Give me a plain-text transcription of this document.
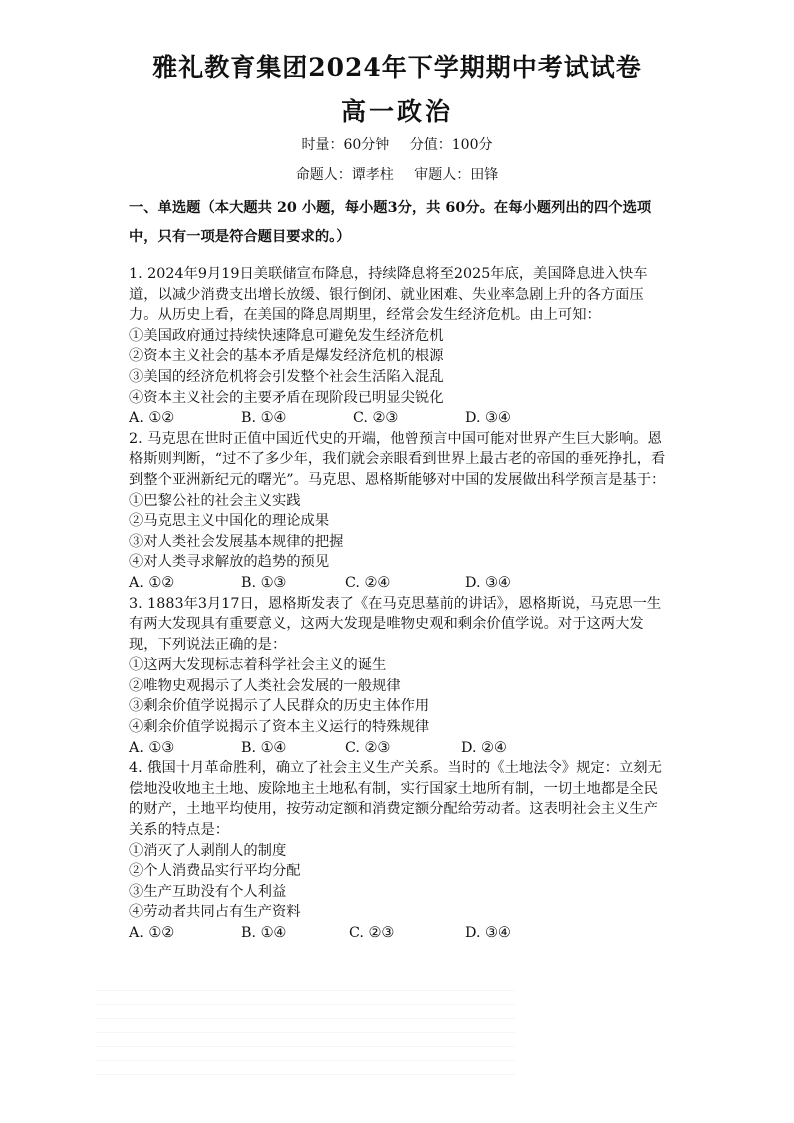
雅礼教育集团2024年下学期期中考试试卷
高一政治
时量：60分钟 分值：100分
命题人：谭孝柱 审题人：田锋
一、单选题（本大题共 20 小题，每小题3分，共 60分。在每小题列出的四个选项中，只有一项是符合题目要求的。）

1. 2024年9月19日美联储宣布降息，持续降息将至2025年底，美国降息进入快车道，以减少消费支出增长放缓、银行倒闭、就业困难、失业率急剧上升的各方面压力。从历史上看，在美国的降息周期里，经常会发生经济危机。由上可知：

①美国政府通过持续快速降息可避免发生经济危机

②资本主义社会的基本矛盾是爆发经济危机的根源

③美国的经济危机将会引发整个社会生活陷入混乱

④资本主义社会的主要矛盾在现阶段已明显尖锐化

A. ①②	B. ①④	C. ②③	D. ③④

2. 马克思在世时正值中国近代史的开端，他曾预言中国可能对世界产生巨大影响。恩格斯则判断，“过不了多少年，我们就会亲眼看到世界上最古老的帝国的垂死挣扎，看到整个亚洲新纪元的曙光”。马克思、恩格斯能够对中国的发展做出科学预言是基于：

①巴黎公社的社会主义实践

②马克思主义中国化的理论成果

③对人类社会发展基本规律的把握

④对人类寻求解放的趋势的预见

A. ①②	B. ①③	C. ②④	D. ③④

3. 1883年3月17日，恩格斯发表了《在马克思墓前的讲话》，恩格斯说，马克思一生有两大发现具有重要意义，这两大发现是唯物史观和剩余价值学说。对于这两大发现，下列说法正确的是：

①这两大发现标志着科学社会主义的诞生

②唯物史观揭示了人类社会发展的一般规律

③剩余价值学说揭示了人民群众的历史主体作用

④剩余价值学说揭示了资本主义运行的特殊规律

A. ①③	B. ①④	C. ②③	D. ②④

4. 俄国十月革命胜利，确立了社会主义生产关系。当时的《土地法令》规定：立刻无偿地没收地主土地、废除地主土地私有制，实行国家土地所有制，一切土地都是全民的财产，土地平均使用，按劳动定额和消费定额分配给劳动者。这表明社会主义生产关系的特点是：

①消灭了人剥削人的制度

②个人消费品实行平均分配

③生产互助没有个人利益

④劳动者共同占有生产资料

A. ①②	B. ①④	C. ②③	D. ③④
